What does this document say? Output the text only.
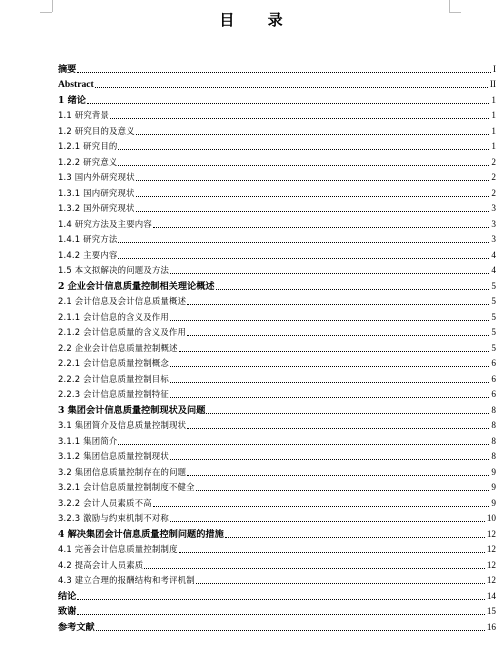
目 录
摘要	I
Abstract	II
1 绪论	1
1.1 研究背景	1
1.2 研究目的及意义	1
1.2.1 研究目的	1
1.2.2 研究意义	2
1.3 国内外研究现状	2
1.3.1 国内研究现状	2
1.3.2 国外研究现状	3
1.4 研究方法及主要内容	3
1.4.1 研究方法	3
1.4.2 主要内容	4
1.5 本文拟解决的问题及方法	4
2 企业会计信息质量控制相关理论概述	5
2.1 会计信息及会计信息质量概述	5
2.1.1 会计信息的含义及作用	5
2.1.2 会计信息质量的含义及作用	5
2.2 企业会计信息质量控制概述	5
2.2.1 会计信息质量控制概念	6
2.2.2 会计信息质量控制目标	6
2.2.3 会计信息质量控制特征	6
3 集团会计信息质量控制现状及问题	8
3.1 集团简介及信息质量控制现状	8
3.1.1 集团简介	8
3.1.2 集团信息质量控制现状	8
3.2 集团信息质量控制存在的问题	9
3.2.1 会计信息质量控制制度不健全	9
3.2.2 会计人员素质不高	9
3.2.3 激励与约束机制不对称	10
4 解决集团会计信息质量控制问题的措施	12
4.1 完善会计信息质量控制制度	12
4.2 提高会计人员素质	12
4.3 建立合理的报酬结构和考评机制	12
结论	14
致谢	15
参考文献	16
